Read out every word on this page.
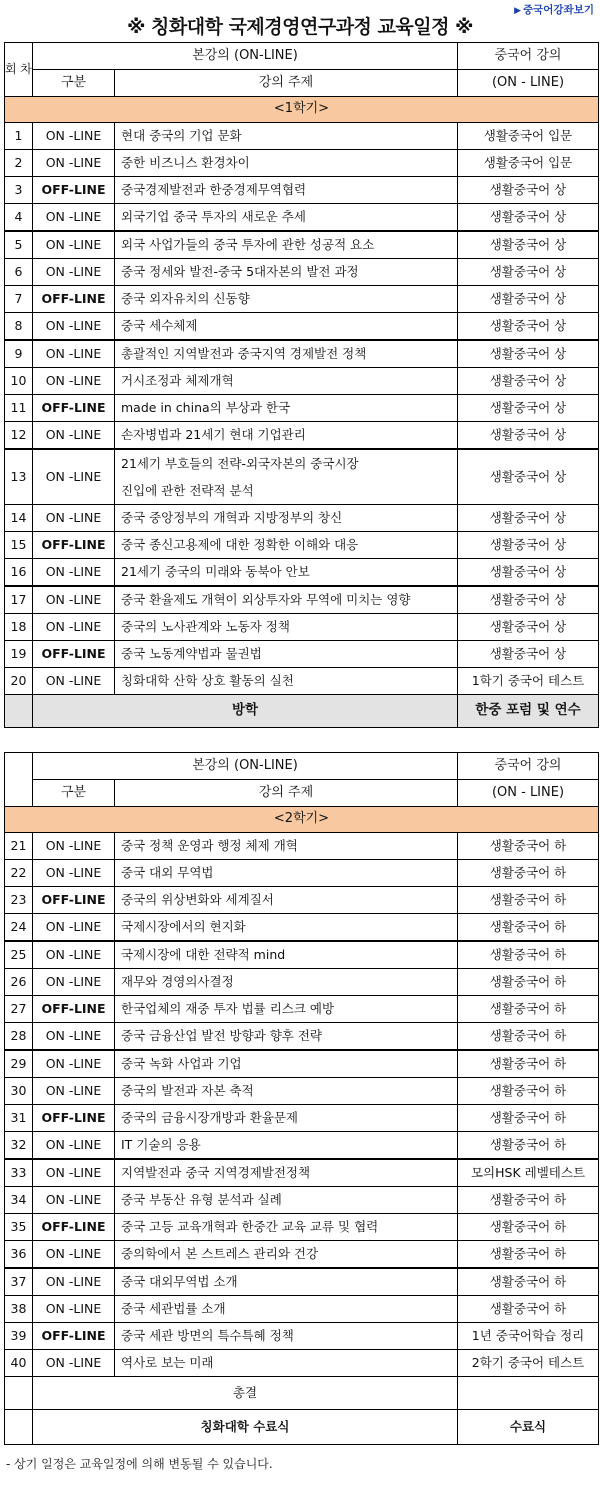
※ 칭화대학 국제경영연구과정 교육일정 ※
▶ 중국어강좌보기
회 차	본강의 (ON-LINE)		중국어 강의
	구분	강의 주제	(ON - LINE)
<1학기>			
1	ON -LINE	현대 중국의 기업 문화	생활중국어 입문
2	ON -LINE	중한 비즈니스 환경차이	생활중국어 입문
3	OFF-LINE	중국경제발전과 한중경제무역협력	생활중국어 상
4	ON -LINE	외국기업 중국 투자의 새로운 추세	생활중국어 상
5	ON -LINE	외국 사업가들의 중국 투자에 관한 성공적 요소	생활중국어 상
6	ON -LINE	중국 정세와 발전-중국 5대자본의 발전 과정	생활중국어 상
7	OFF-LINE	중국 외자유치의 신동향	생활중국어 상
8	ON -LINE	중국 세수체제	생활중국어 상
9	ON -LINE	총괄적인 지역발전과 중국지역 경제발전 정책	생활중국어 상
10	ON -LINE	거시조정과 체제개혁	생활중국어 상
11	OFF-LINE	made in china의 부상과 한국	생활중국어 상
12	ON -LINE	손자병법과 21세기 현대 기업관리	생활중국어 상
13	ON -LINE	21세기 부호들의 전략-외국자본의 중국시장
진입에 관한 전략적 분석	생활중국어 상
14	ON -LINE	중국 중앙정부의 개혁과 지방정부의 창신	생활중국어 상
15	OFF-LINE	중국 종신고용제에 대한 정확한 이해와 대응	생활중국어 상
16	ON -LINE	21세기 중국의 미래와 동북아 안보	생활중국어 상
17	ON -LINE	중국 환율제도 개혁이 외상투자와 무역에 미치는 영향	생활중국어 상
18	ON -LINE	중국의 노사관계와 노동자 정책	생활중국어 상
19	OFF-LINE	중국 노동계약법과 물권법	생활중국어 상
20	ON -LINE	칭화대학 산학 상호 활동의 실천	1학기 중국어 테스트
	방학		한중 포럼 및 연수
	본강의 (ON-LINE)		중국어 강의
	구분	강의 주제	(ON - LINE)
<2학기>			
21	ON -LINE	중국 정책 운영과 행정 체제 개혁	생활중국어 하
22	ON -LINE	중국 대외 무역법	생활중국어 하
23	OFF-LINE	중국의 위상변화와 세계질서	생활중국어 하
24	ON -LINE	국제시장에서의 현지화	생활중국어 하
25	ON -LINE	국제시장에 대한 전략적 mind	생활중국어 하
26	ON -LINE	재무와 경영의사결정	생활중국어 하
27	OFF-LINE	한국업체의 재중 투자 법률 리스크 예방	생활중국어 하
28	ON -LINE	중국 금융산업 발전 방향과 향후 전략	생활중국어 하
29	ON -LINE	중국 녹화 사업과 기업	생활중국어 하
30	ON -LINE	중국의 발전과 자본 축적	생활중국어 하
31	OFF-LINE	중국의 금융시장개방과 환율문제	생활중국어 하
32	ON -LINE	IT 기술의 응용	생활중국어 하
33	ON -LINE	지역발전과 중국 지역경제발전정책	모의HSK 레벨테스트
34	ON -LINE	중국 부동산 유형 분석과 실례	생활중국어 하
35	OFF-LINE	중국 고등 교육개혁과 한중간 교육 교류 및 협력	생활중국어 하
36	ON -LINE	중의학에서 본 스트레스 관리와 건강	생활중국어 하
37	ON -LINE	중국 대외무역법 소개	생활중국어 하
38	ON -LINE	중국 세관법률 소개	생활중국어 하
39	OFF-LINE	중국 세관 방면의 특수특혜 정책	1년 중국어학습 정리
40	ON -LINE	역사로 보는 미래	2학기 중국어 테스트
	총결		
	칭화대학 수료식		수료식
- 상기 일정은 교육일정에 의해 변동될 수 있습니다.
